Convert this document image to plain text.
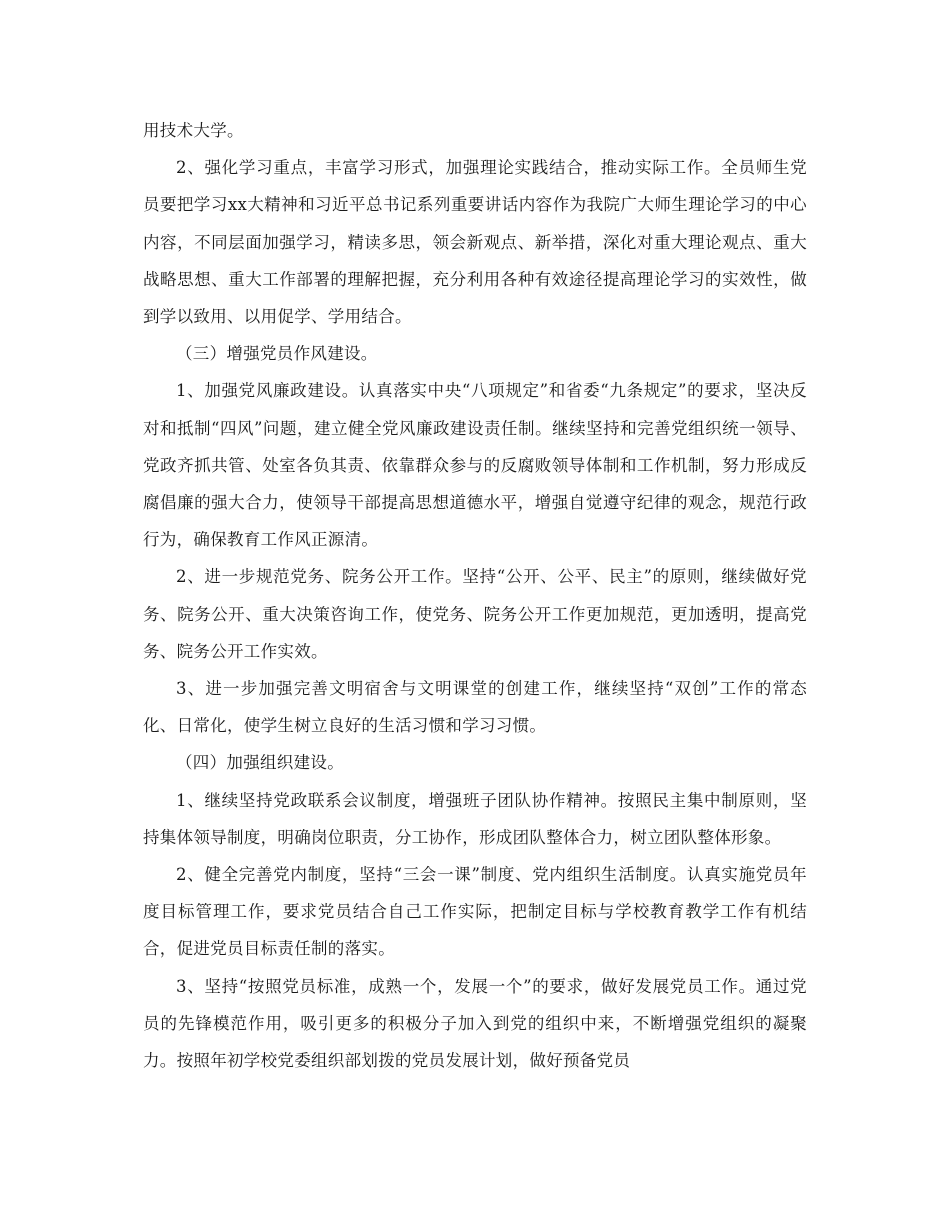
用技术大学。

2、强化学习重点，丰富学习形式，加强理论实践结合，推动实际工作。全员师生党员要把学习xx大精神和习近平总书记系列重要讲话内容作为我院广大师生理论学习的中心内容，不同层面加强学习，精读多思，领会新观点、新举措，深化对重大理论观点、重大战略思想、重大工作部署的理解把握，充分利用各种有效途径提高理论学习的实效性，做到学以致用、以用促学、学用结合。

（三）增强党员作风建设。

1、加强党风廉政建设。认真落实中央“八项规定”和省委“九条规定”的要求，坚决反对和抵制“四风”问题，建立健全党风廉政建设责任制。继续坚持和完善党组织统一领导、党政齐抓共管、处室各负其责、依靠群众参与的反腐败领导体制和工作机制，努力形成反腐倡廉的强大合力，使领导干部提高思想道德水平，增强自觉遵守纪律的观念，规范行政行为，确保教育工作风正源清。

2、进一步规范党务、院务公开工作。坚持“公开、公平、民主”的原则，继续做好党务、院务公开、重大决策咨询工作，使党务、院务公开工作更加规范，更加透明，提高党务、院务公开工作实效。

3、进一步加强完善文明宿舍与文明课堂的创建工作，继续坚持“双创”工作的常态化、日常化，使学生树立良好的生活习惯和学习习惯。

（四）加强组织建设。

1、继续坚持党政联系会议制度，增强班子团队协作精神。按照民主集中制原则，坚持集体领导制度，明确岗位职责，分工协作，形成团队整体合力，树立团队整体形象。

2、健全完善党内制度，坚持“三会一课”制度、党内组织生活制度。认真实施党员年度目标管理工作，要求党员结合自己工作实际，把制定目标与学校教育教学工作有机结合，促进党员目标责任制的落实。

3、坚持“按照党员标准，成熟一个，发展一个”的要求，做好发展党员工作。通过党员的先锋模范作用，吸引更多的积极分子加入到党的组织中来，不断增强党组织的凝聚力。按照年初学校党委组织部划拨的党员发展计划，做好预备党员
